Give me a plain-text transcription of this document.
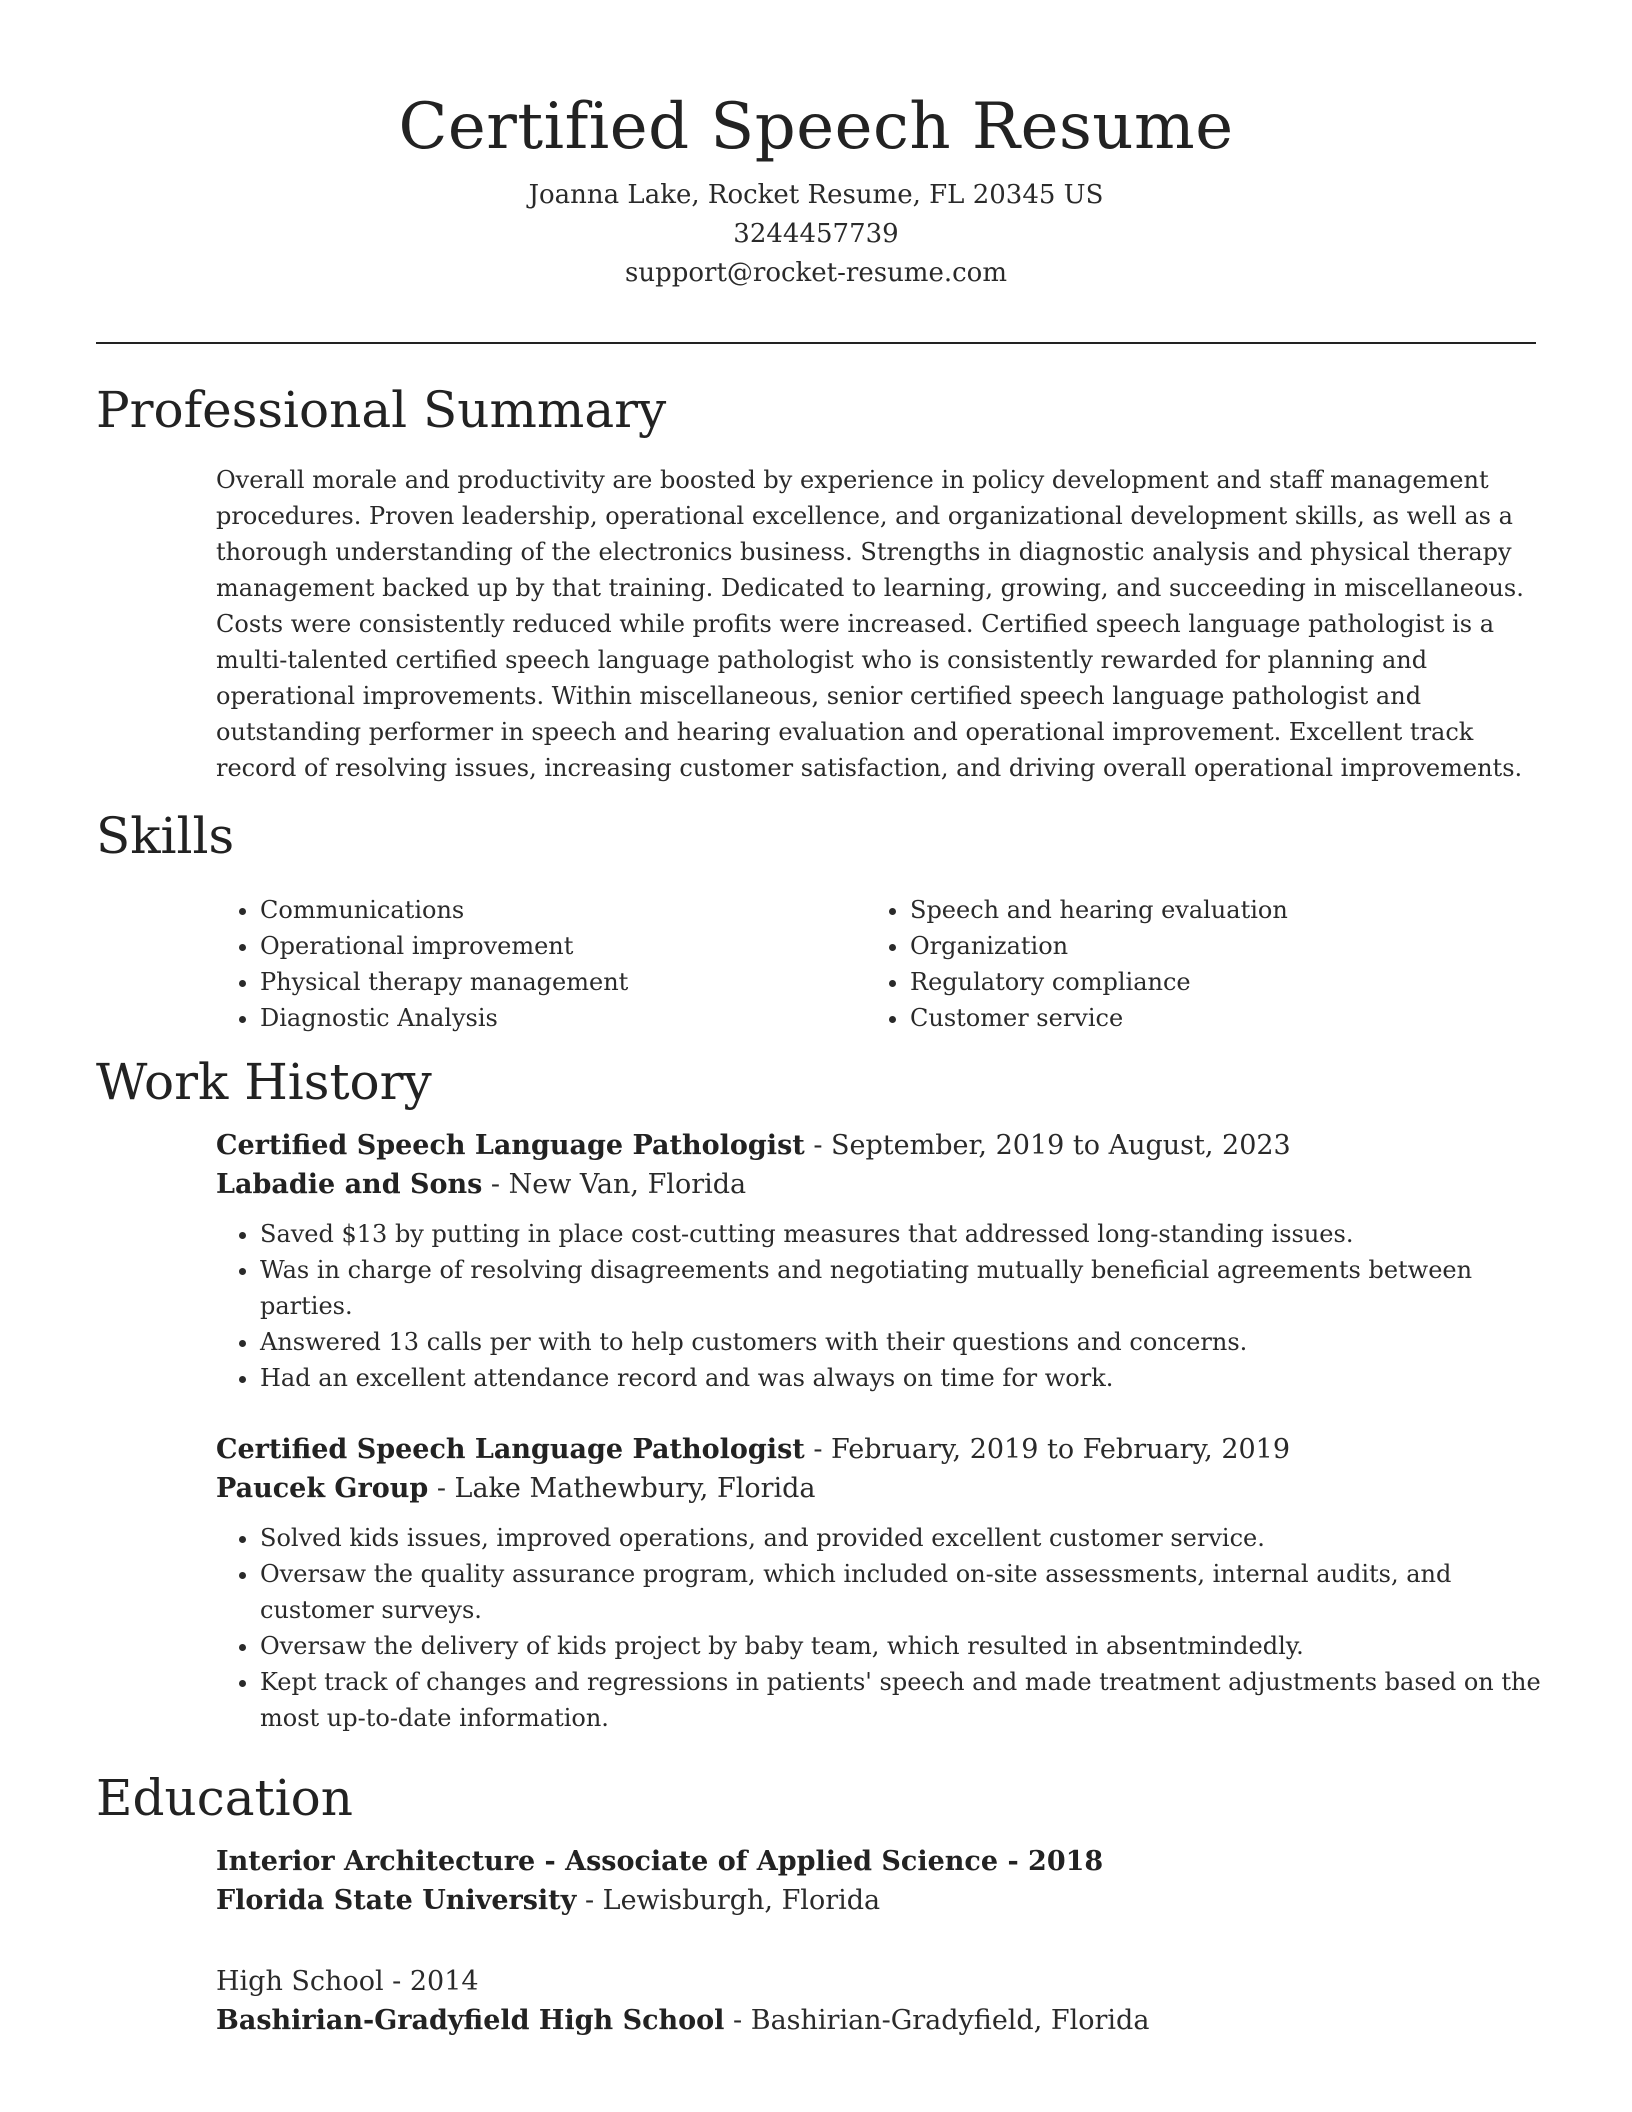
Certified Speech Resume

Joanna Lake, Rocket Resume, FL 20345 US

3244457739

support@rocket-resume.com

Professional Summary

Overall morale and productivity are boosted by experience in policy development and staff management procedures. Proven leadership, operational excellence, and organizational development skills, as well as a thorough understanding of the electronics business. Strengths in diagnostic analysis and physical therapy management backed up by that training. Dedicated to learning, growing, and succeeding in miscellaneous. Costs were consistently reduced while profits were increased. Certified speech language pathologist is a multi-talented certified speech language pathologist who is consistently rewarded for planning and operational improvements. Within miscellaneous, senior certified speech language pathologist and outstanding performer in speech and hearing evaluation and operational improvement. Excellent track record of resolving issues, increasing customer satisfaction, and driving overall operational improvements.

Skills
• Communications
• Operational improvement
• Physical therapy management
• Diagnostic Analysis
• Speech and hearing evaluation
• Organization
• Regulatory compliance
• Customer service
Work History

Certified Speech Language Pathologist - September, 2019 to August, 2023

Labadie and Sons - New Van, Florida

• Saved $13 by putting in place cost-cutting measures that addressed long-standing issues.
• Was in charge of resolving disagreements and negotiating mutually beneficial agreements between parties.
• Answered 13 calls per with to help customers with their questions and concerns.
• Had an excellent attendance record and was always on time for work.

Certified Speech Language Pathologist - February, 2019 to February, 2019

Paucek Group - Lake Mathewbury, Florida

• Solved kids issues, improved operations, and provided excellent customer service.
• Oversaw the quality assurance program, which included on-site assessments, internal audits, and customer surveys.
• Oversaw the delivery of kids project by baby team, which resulted in absentmindedly.
• Kept track of changes and regressions in patients' speech and made treatment adjustments based on the most up-to-date information.
Education

Interior Architecture - Associate of Applied Science - 2018

Florida State University - Lewisburgh, Florida

High School - 2014

Bashirian-Gradyfield High School - Bashirian-Gradyfield, Florida
